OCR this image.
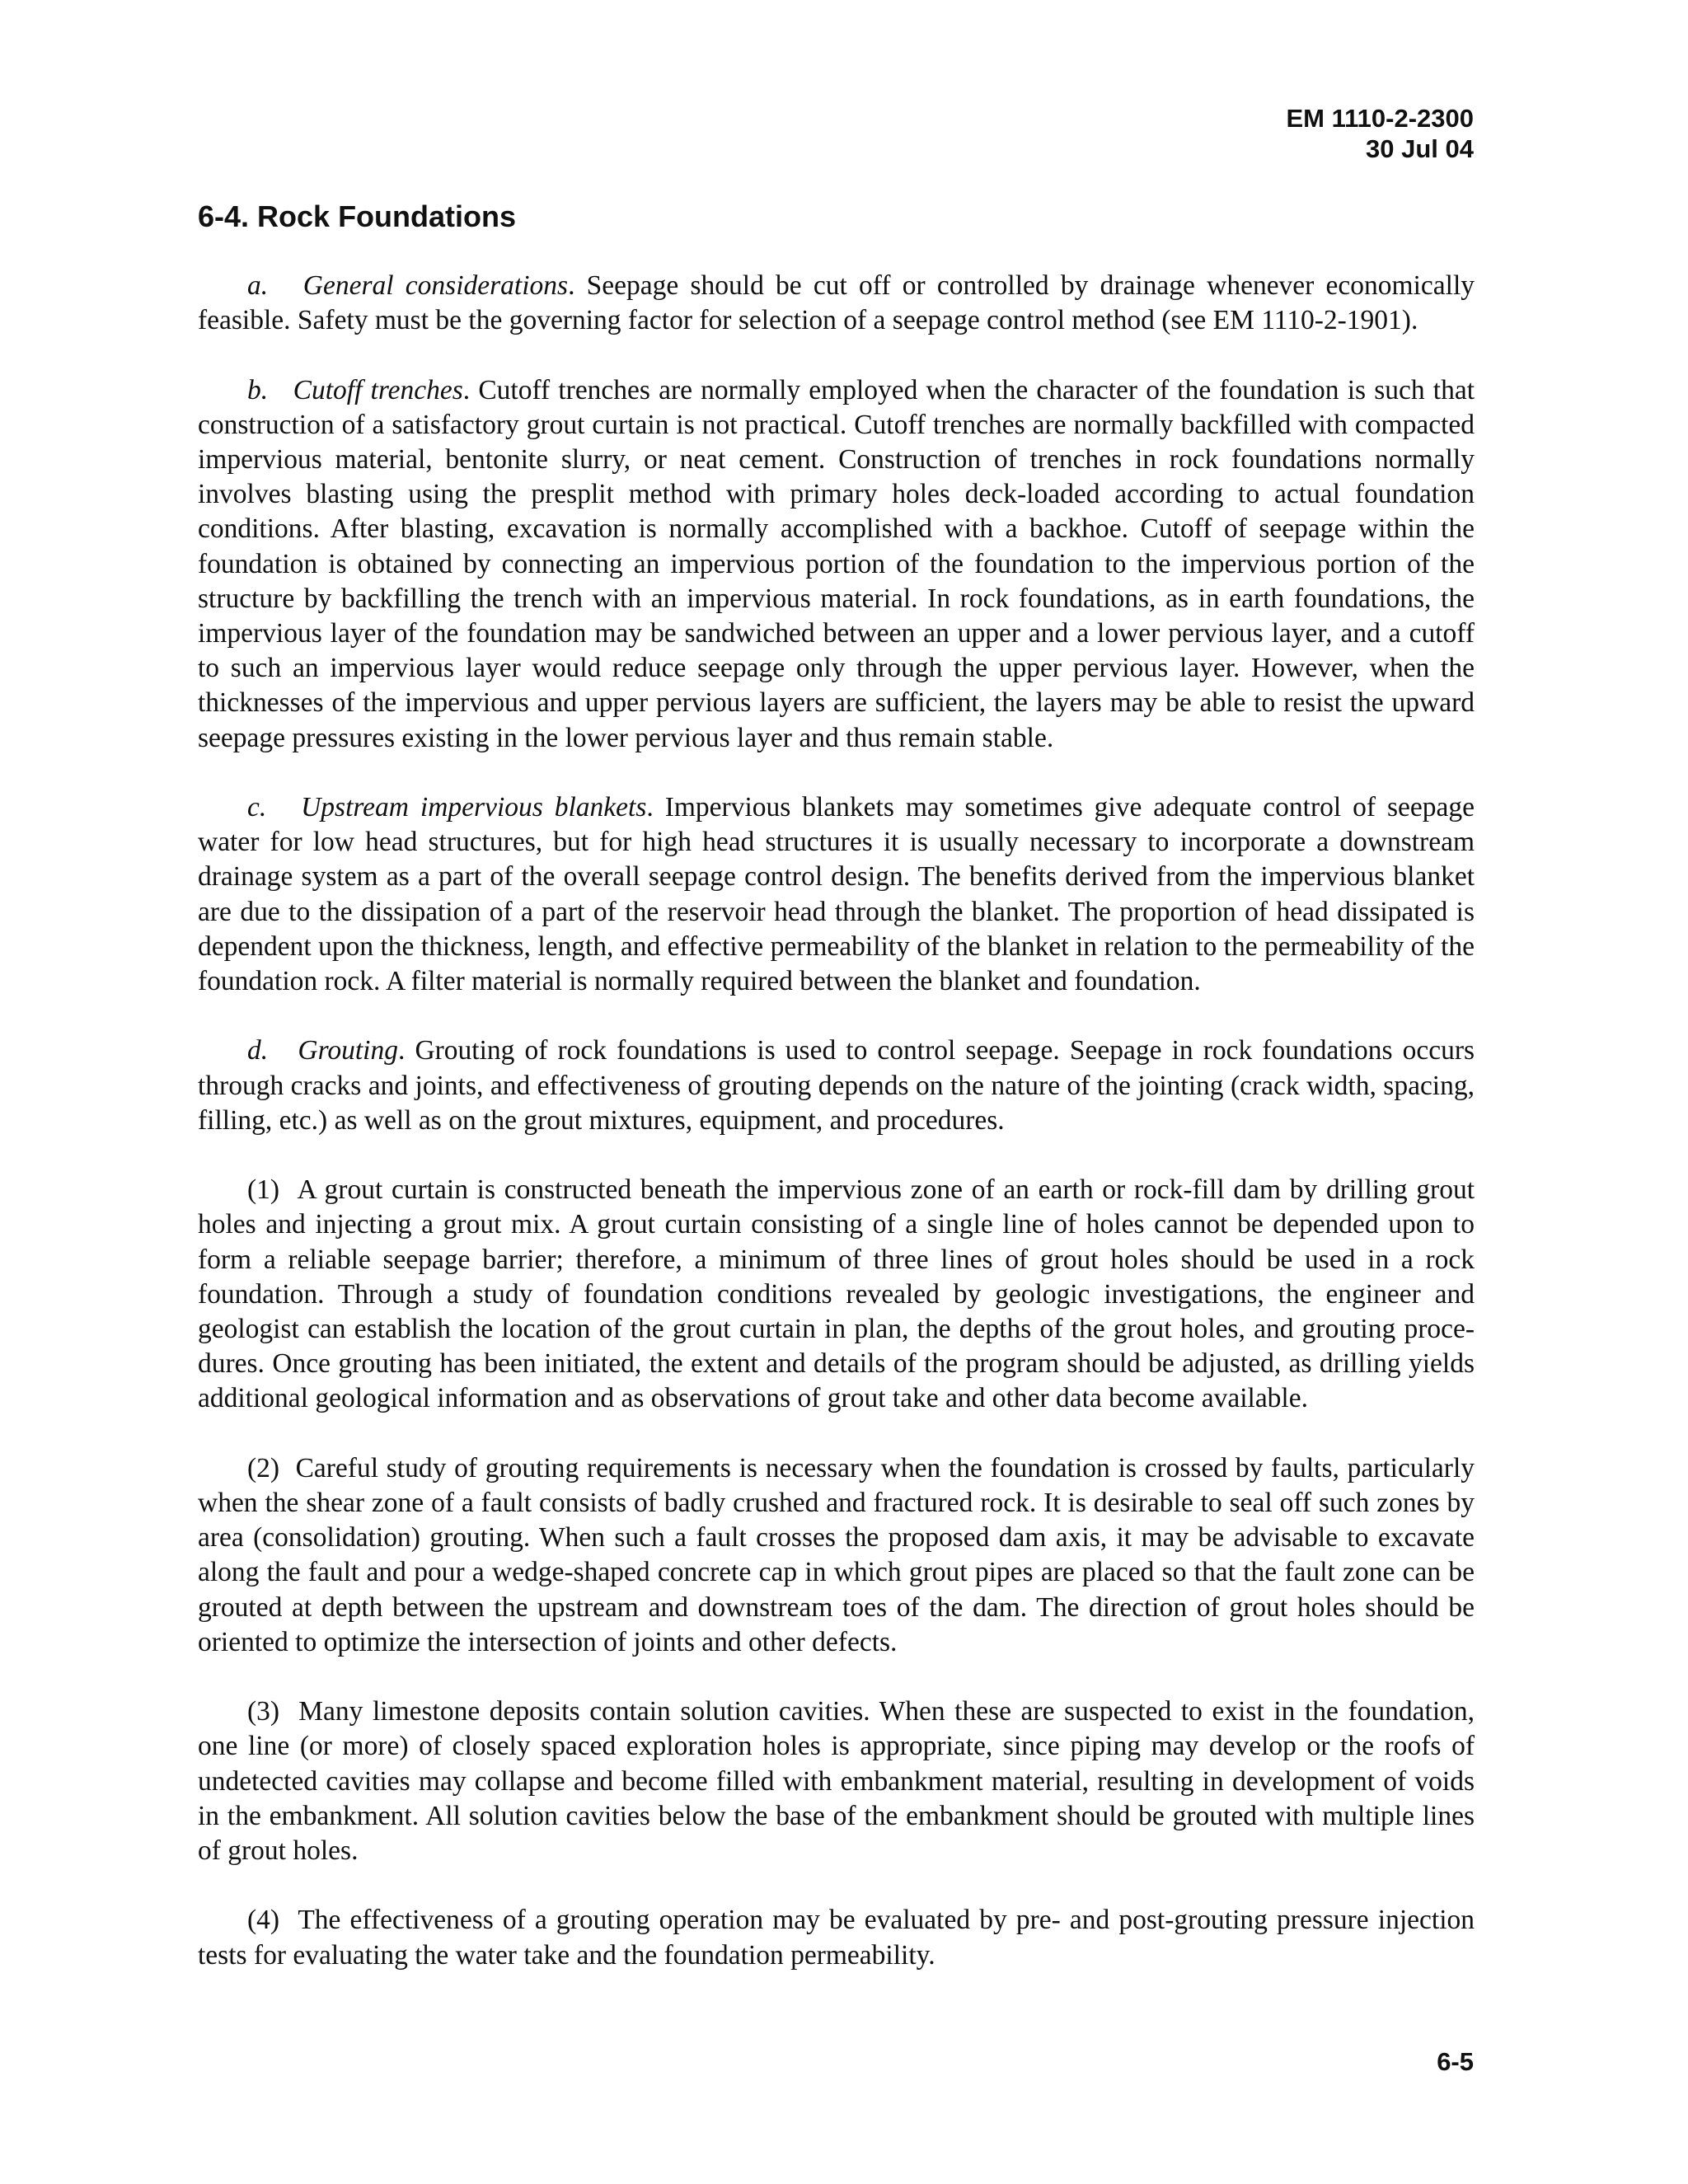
EM 1110-2-2300
30 Jul 04
6-4. Rock Foundations

a. General considerations. Seepage should be cut off or controlled by drainage whenever economically feasible. Safety must be the governing factor for selection of a seepage control method (see EM 1110-2-1901).

b. Cutoff trenches. Cutoff trenches are normally employed when the character of the foundation is such that construction of a satisfactory grout curtain is not practical. Cutoff trenches are normally backfilled with compacted impervious material, bentonite slurry, or neat cement. Construction of trenches in rock foundations normally involves blasting using the presplit method with primary holes deck-loaded according to actual foundation conditions. After blasting, excavation is normally accomplished with a backhoe. Cutoff of seepage within the foundation is obtained by connecting an impervious portion of the foundation to the impervious portion of the structure by backfilling the trench with an impervious material. In rock foundations, as in earth foundations, the impervious layer of the foundation may be sandwiched between an upper and a lower pervious layer, and a cutoff to such an impervious layer would reduce seepage only through the upper pervious layer. However, when the thicknesses of the impervious and upper pervious layers are sufficient, the layers may be able to resist the upward seepage pressures existing in the lower pervious layer and thus remain stable.

c. Upstream impervious blankets. Impervious blankets may sometimes give adequate control of seepage water for low head structures, but for high head structures it is usually necessary to incorporate a downstream drainage system as a part of the overall seepage control design. The benefits derived from the impervious blanket are due to the dissipation of a part of the reservoir head through the blanket. The proportion of head dissipated is dependent upon the thickness, length, and effective permeability of the blanket in relation to the permeability of the foundation rock. A filter material is normally required between the blanket and foundation.

d. Grouting. Grouting of rock foundations is used to control seepage. Seepage in rock foundations occurs through cracks and joints, and effectiveness of grouting depends on the nature of the jointing (crack width, spacing, filling, etc.) as well as on the grout mixtures, equipment, and procedures.

(1) A grout curtain is constructed beneath the impervious zone of an earth or rock-fill dam by drilling grout holes and injecting a grout mix. A grout curtain consisting of a single line of holes cannot be depended upon to form a reliable seepage barrier; therefore, a minimum of three lines of grout holes should be used in a rock foundation. Through a study of foundation conditions revealed by geologic investigations, the engineer and geologist can establish the location of the grout curtain in plan, the depths of the grout holes, and grouting procedures. Once grouting has been initiated, the extent and details of the program should be adjusted, as drilling yields additional geological information and as observations of grout take and other data become available.

(2) Careful study of grouting requirements is necessary when the foundation is crossed by faults, particularly when the shear zone of a fault consists of badly crushed and fractured rock. It is desirable to seal off such zones by area (consolidation) grouting. When such a fault crosses the proposed dam axis, it may be advisable to excavate along the fault and pour a wedge-shaped concrete cap in which grout pipes are placed so that the fault zone can be grouted at depth between the upstream and downstream toes of the dam. The direction of grout holes should be oriented to optimize the intersection of joints and other defects.

(3) Many limestone deposits contain solution cavities. When these are suspected to exist in the foundation, one line (or more) of closely spaced exploration holes is appropriate, since piping may develop or the roofs of undetected cavities may collapse and become filled with embankment material, resulting in development of voids in the embankment. All solution cavities below the base of the embankment should be grouted with multiple lines of grout holes.

(4) The effectiveness of a grouting operation may be evaluated by pre- and post-grouting pressure injection tests for evaluating the water take and the foundation permeability.

6-5
